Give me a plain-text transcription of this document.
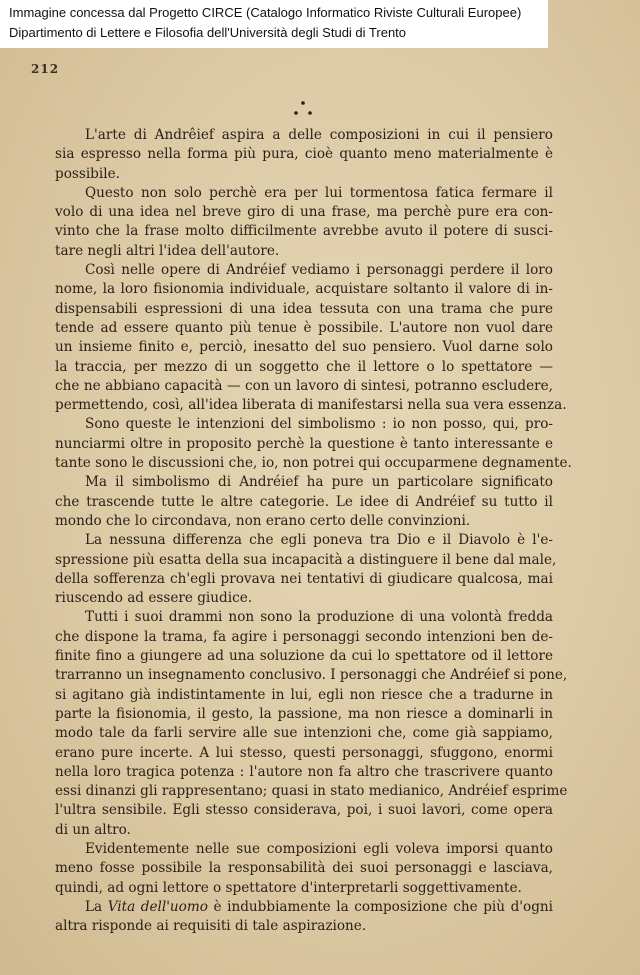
Immagine concessa dal Progetto CIRCE (Catalogo Informatico Riviste Culturali Europee)
Dipartimento di Lettere e Filosofia dell'Università degli Studi di Trento
212
L'arte di Andrêief aspira a delle composizioni in cui il pensiero
sia espresso nella forma più pura, cioè quanto meno materialmente è
possibile.
Questo non solo perchè era per lui tormentosa fatica fermare il
volo di una idea nel breve giro di una frase, ma perchè pure era con-
vinto che la frase molto difficilmente avrebbe avuto il potere di susci-
tare negli altri l'idea dell'autore.
Così nelle opere di Andréief vediamo i personaggi perdere il loro
nome, la loro fisionomia individuale, acquistare soltanto il valore di in-
dispensabili espressioni di una idea tessuta con una trama che pure
tende ad essere quanto più tenue è possibile. L'autore non vuol dare
un insieme finito e, perciò, inesatto del suo pensiero. Vuol darne solo
la traccia, per mezzo di un soggetto che il lettore o lo spettatore —
che ne abbiano capacità — con un lavoro di sintesi, potranno escludere,
permettendo, così, all'idea liberata di manifestarsi nella sua vera essenza.
Sono queste le intenzioni del simbolismo : io non posso, qui, pro-
nunciarmi oltre in proposito perchè la questione è tanto interessante e
tante sono le discussioni che, io, non potrei qui occuparmene degnamente.
Ma il simbolismo di Andréief ha pure un particolare significato
che trascende tutte le altre categorie. Le idee di Andréief su tutto il
mondo che lo circondava, non erano certo delle convinzioni.
La nessuna differenza che egli poneva tra Dio e il Diavolo è l'e-
spressione più esatta della sua incapacità a distinguere il bene dal male,
della sofferenza ch'egli provava nei tentativi di giudicare qualcosa, mai
riuscendo ad essere giudice.
Tutti i suoi drammi non sono la produzione di una volontà fredda
che dispone la trama, fa agire i personaggi secondo intenzioni ben de-
finite fino a giungere ad una soluzione da cui lo spettatore od il lettore
trarranno un insegnamento conclusivo. I personaggi che Andréief si pone,
si agitano già indistintamente in lui, egli non riesce che a tradurne in
parte la fisionomia, il gesto, la passione, ma non riesce a dominarli in
modo tale da farli servire alle sue intenzioni che, come già sappiamo,
erano pure incerte. A lui stesso, questi personaggi, sfuggono, enormi
nella loro tragica potenza : l'autore non fa altro che trascrivere quanto
essi dinanzi gli rappresentano; quasi in stato medianico, Andréief esprime
l'ultra sensibile. Egli stesso considerava, poi, i suoi lavori, come opera
di un altro.
Evidentemente nelle sue composizioni egli voleva imporsi quanto
meno fosse possibile la responsabilità dei suoi personaggi e lasciava,
quindi, ad ogni lettore o spettatore d'interpretarli soggettivamente.
La Vita dell'uomo è indubbiamente la composizione che più d'ogni
altra risponde ai requisiti di tale aspirazione.
